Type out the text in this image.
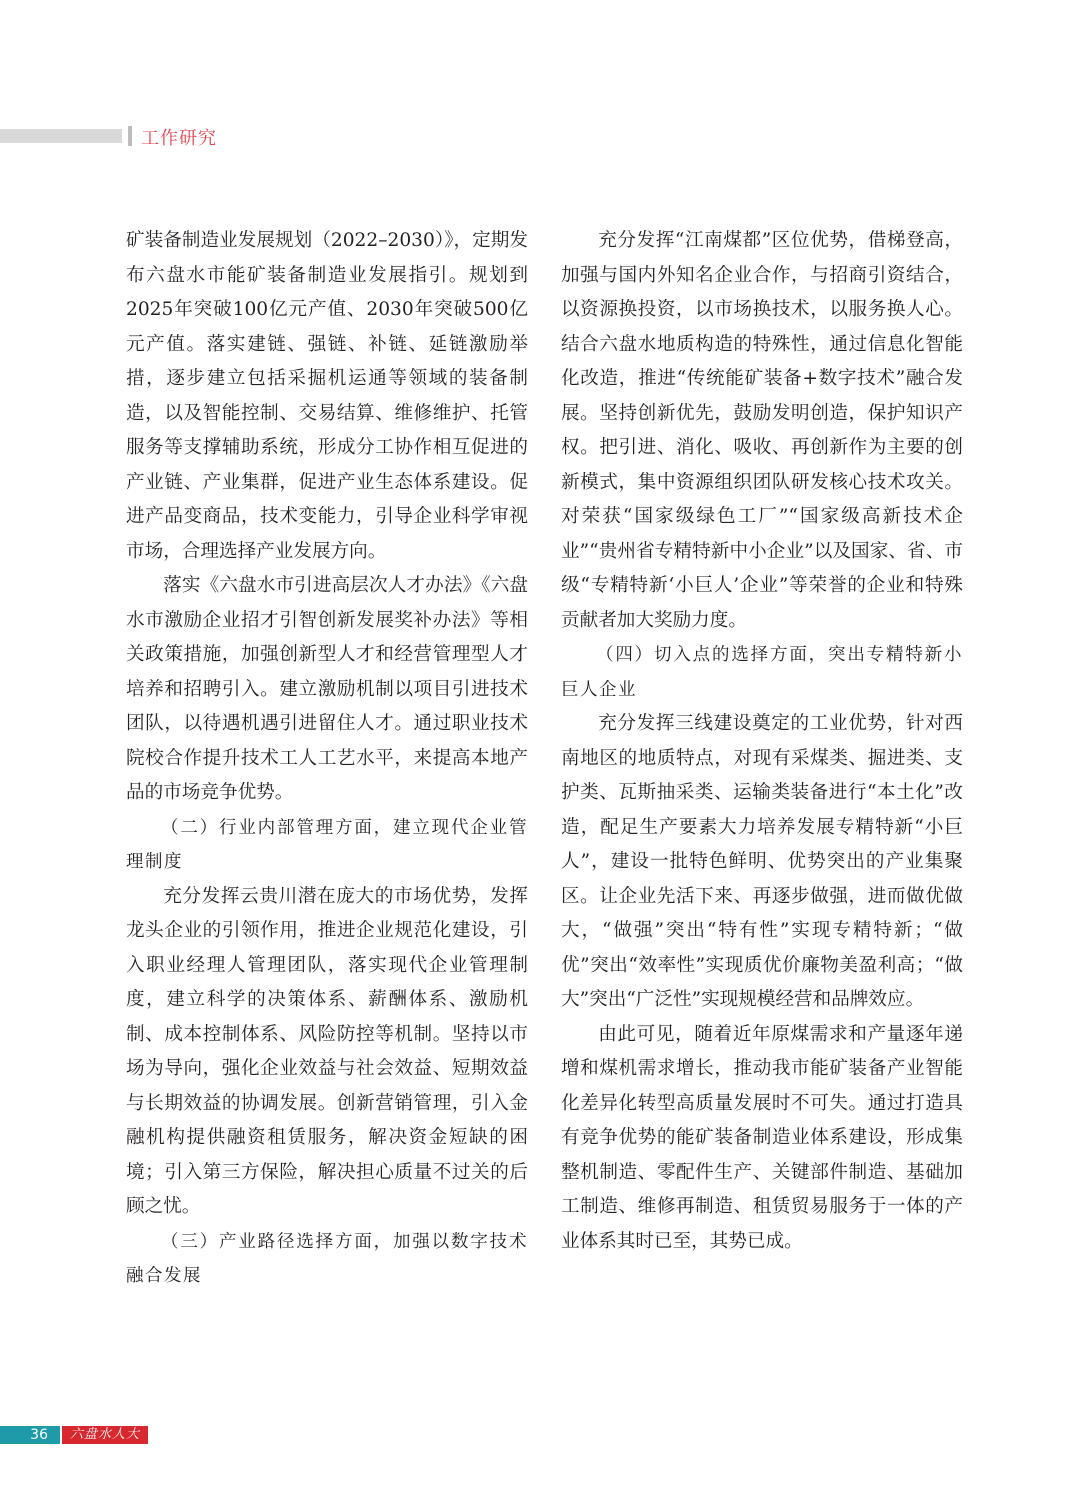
工作研究

矿装备制造业发展规划（2022–2030）》，定期发布六盘水市能矿装备制造业发展指引。规划到2025年突破100亿元产值、2030年突破500亿元产值。落实建链、强链、补链、延链激励举措，逐步建立包括采掘机运通等领域的装备制造，以及智能控制、交易结算、维修维护、托管服务等支撑辅助系统，形成分工协作相互促进的产业链、产业集群，促进产业生态体系建设。促进产品变商品，技术变能力，引导企业科学审视市场，合理选择产业发展方向。

落实《六盘水市引进高层次人才办法》《六盘水市激励企业招才引智创新发展奖补办法》等相关政策措施，加强创新型人才和经营管理型人才培养和招聘引入。建立激励机制以项目引进技术团队，以待遇机遇引进留住人才。通过职业技术院校合作提升技术工人工艺水平，来提高本地产品的市场竞争优势。

（二）行业内部管理方面，建立现代企业管理制度

充分发挥云贵川潜在庞大的市场优势，发挥龙头企业的引领作用，推进企业规范化建设，引入职业经理人管理团队，落实现代企业管理制度，建立科学的决策体系、薪酬体系、激励机制、成本控制体系、风险防控等机制。坚持以市场为导向，强化企业效益与社会效益、短期效益与长期效益的协调发展。创新营销管理，引入金融机构提供融资租赁服务，解决资金短缺的困境；引入第三方保险，解决担心质量不过关的后顾之忧。

（三）产业路径选择方面，加强以数字技术融合发展

充分发挥“江南煤都”区位优势，借梯登高，加强与国内外知名企业合作，与招商引资结合，以资源换投资，以市场换技术，以服务换人心。结合六盘水地质构造的特殊性，通过信息化智能化改造，推进“传统能矿装备+数字技术”融合发展。坚持创新优先，鼓励发明创造，保护知识产权。把引进、消化、吸收、再创新作为主要的创新模式，集中资源组织团队研发核心技术攻关。对荣获“国家级绿色工厂”“国家级高新技术企业”“贵州省专精特新中小企业”以及国家、省、市级“专精特新‘小巨人’企业”等荣誉的企业和特殊贡献者加大奖励力度。

（四）切入点的选择方面，突出专精特新小巨人企业

充分发挥三线建设奠定的工业优势，针对西南地区的地质特点，对现有采煤类、掘进类、支护类、瓦斯抽采类、运输类装备进行“本土化”改造，配足生产要素大力培养发展专精特新“小巨人”，建设一批特色鲜明、优势突出的产业集聚区。让企业先活下来、再逐步做强，进而做优做大，“做强”突出“特有性”实现专精特新；“做优”突出“效率性”实现质优价廉物美盈利高；“做大”突出“广泛性”实现规模经营和品牌效应。

由此可见，随着近年原煤需求和产量逐年递增和煤机需求增长，推动我市能矿装备产业智能化差异化转型高质量发展时不可失。通过打造具有竞争优势的能矿装备制造业体系建设，形成集整机制造、零配件生产、关键部件制造、基础加工制造、维修再制造、租赁贸易服务于一体的产业体系其时已至，其势已成。

36	六盘水人大
